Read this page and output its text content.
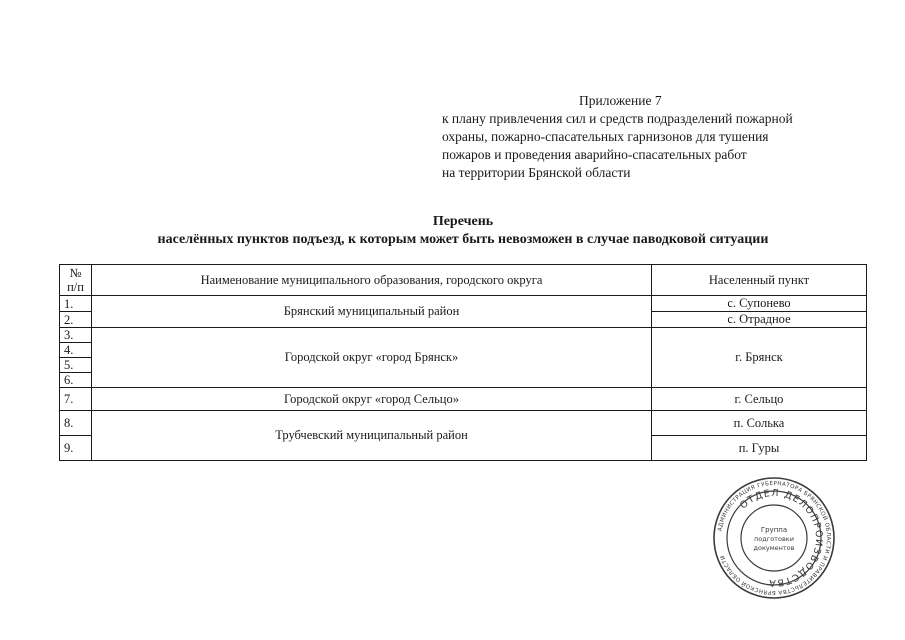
Приложение 7
к плану привлечения сил и средств подразделений пожарной
охраны, пожарно-спасательных гарнизонов для тушения
пожаров и проведения аварийно-спасательных работ
на территории Брянской области
Перечень
населённых пунктов подъезд, к которым может быть невозможен в случае паводковой ситуации
№
п/п	Наименование муниципального образования, городского округа	Населенный пункт
1.	Брянский муниципальный район	с. Супонево
2.		с. Отрадное
3.	Городской округ «город Брянск»	г. Брянск
4.		
5.		
6.		
7.	Городской округ «город Сельцо»	г. Сельцо
8.	Трубчевский муниципальный район	п. Солька
9.		п. Гуры
АДМИНИСТРАЦИЯ ГУБЕРНАТОРА БРЯНСКОЙ ОБЛАСТИ И ПРАВИТЕЛЬСТВА БРЯНСКОЙ ОБЛАСТИ
ОТДЕЛ ДЕЛОПРОИЗВОДСТВА
Группа
подготовки
документов
